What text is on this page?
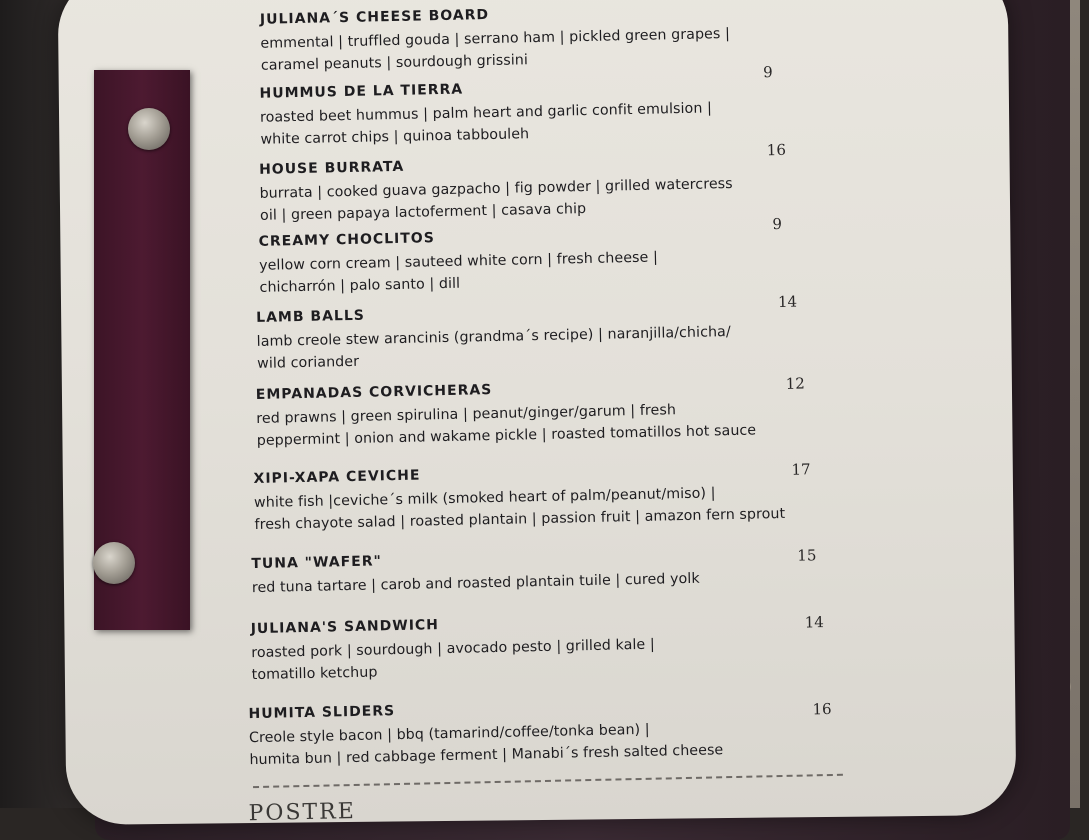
JULIANA´S CHEESE BOARD
emmental | truffled gouda | serrano ham | pickled green grapes |
caramel peanuts | sourdough grissini	9
HUMMUS DE LA TIERRA
roasted beet hummus | palm heart and garlic confit emulsion |
white carrot chips | quinoa tabbouleh
16
HOUSE BURRATA
burrata | cooked guava gazpacho | fig powder | grilled watercress
oil | green papaya lactoferment | casava chip
9
CREAMY CHOCLITOS
yellow corn cream | sauteed white corn | fresh cheese |
chicharrón | palo santo | dill
14
LAMB BALLS
lamb creole stew arancinis (grandma´s recipe) | naranjilla/chicha/
wild coriander
12
EMPANADAS CORVICHERAS
red prawns | green spirulina | peanut/ginger/garum | fresh
peppermint | onion and wakame pickle | roasted tomatillos hot sauce
17
XIPI-XAPA CEVICHE
white fish |ceviche´s milk (smoked heart of palm/peanut/miso) |
fresh chayote salad | roasted plantain | passion fruit | amazon fern sprout
15
TUNA "WAFER"
red tuna tartare | carob and roasted plantain tuile | cured yolk
14
JULIANA'S SANDWICH
roasted pork | sourdough | avocado pesto | grilled kale |
tomatillo ketchup
16
HUMITA SLIDERS
Creole style bacon | bbq (tamarind/coffee/tonka bean) |
humita bun | red cabbage ferment | Manabi´s fresh salted cheese
POSTRE
